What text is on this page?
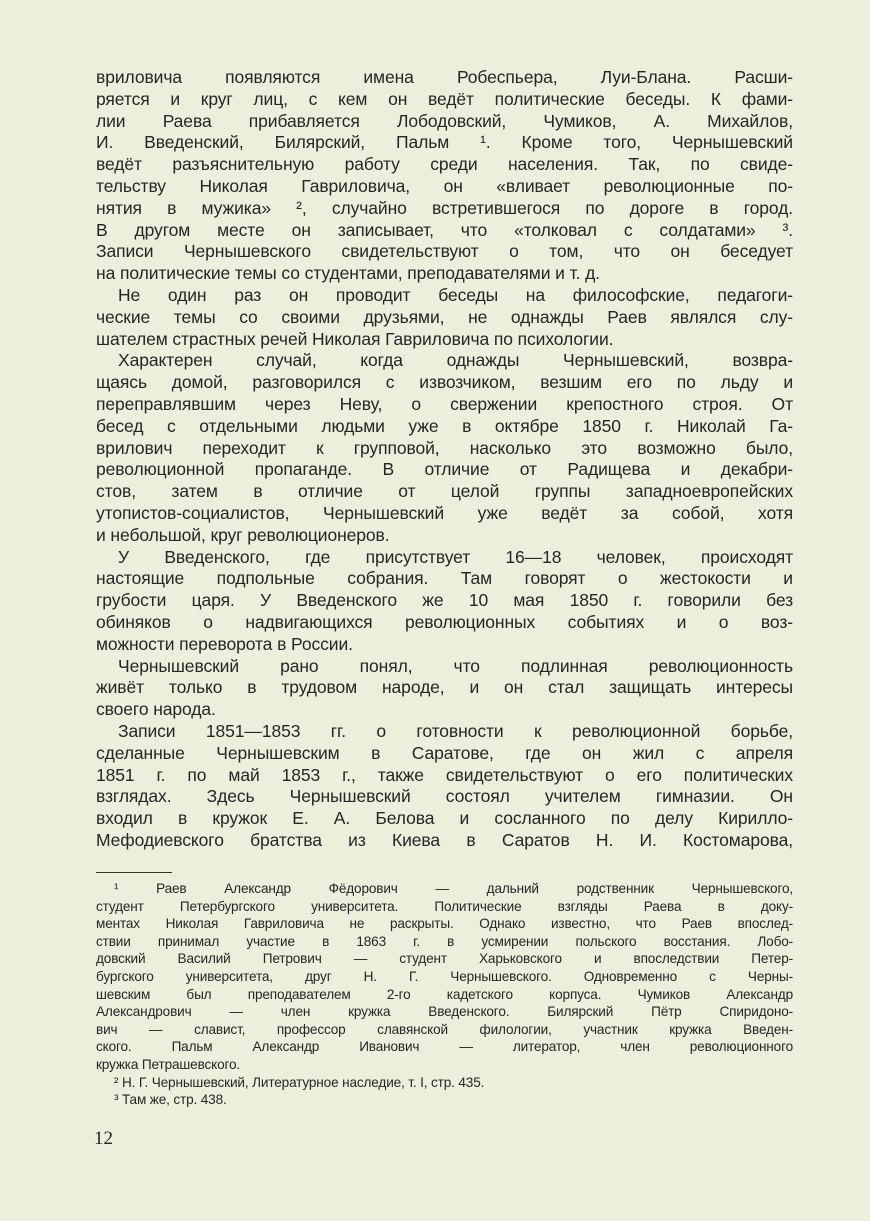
вриловича появляются имена Робеспьера, Луи-Блана. Расши-
ряется и круг лиц, с кем он ведёт политические беседы. К фами-
лии Раева прибавляется Лободовский, Чумиков, А. Михайлов,
И. Введенский, Билярский, Пальм ¹. Кроме того, Чернышевский
ведёт разъяснительную работу среди населения. Так, по свиде-
тельству Николая Гавриловича, он «вливает революционные по-
нятия в мужика» ², случайно встретившегося по дороге в город.
В другом месте он записывает, что «толковал с солдатами» ³.
Записи Чернышевского свидетельствуют о том, что он беседует
на политические темы со студентами, преподавателями и т. д.
Не один раз он проводит беседы на философские, педагоги-
ческие темы со своими друзьями, не однажды Раев являлся слу-
шателем страстных речей Николая Гавриловича по психологии.
Характерен случай, когда однажды Чернышевский, возвра-
щаясь домой, разговорился с извозчиком, везшим его по льду и
переправлявшим через Неву, о свержении крепостного строя. От
бесед с отдельными людьми уже в октябре 1850 г. Николай Га-
врилович переходит к групповой, насколько это возможно было,
революционной пропаганде. В отличие от Радищева и декабри-
стов, затем в отличие от целой группы западноевропейских
утопистов-социалистов, Чернышевский уже ведёт за собой, хотя
и небольшой, круг революционеров.
У Введенского, где присутствует 16—18 человек, происходят
настоящие подпольные собрания. Там говорят о жестокости и
грубости царя. У Введенского же 10 мая 1850 г. говорили без
обиняков о надвигающихся революционных событиях и о воз-
можности переворота в России.
Чернышевский рано понял, что подлинная революционность
живёт только в трудовом народе, и он стал защищать интересы
своего народа.
Записи 1851—1853 гг. о готовности к революционной борьбе,
сделанные Чернышевским в Саратове, где он жил с апреля
1851 г. по май 1853 г., также свидетельствуют о его политических
взглядах. Здесь Чернышевский состоял учителем гимназии. Он
входил в кружок Е. А. Белова и сосланного по делу Кирилло-
Мефодиевского братства из Киева в Саратов Н. И. Костомарова,
¹ Раев Александр Фёдорович — дальний родственник Чернышевского,
студент Петербургского университета. Политические взгляды Раева в доку-
ментах Николая Гавриловича не раскрыты. Однако известно, что Раев впослед-
ствии принимал участие в 1863 г. в усмирении польского восстания. Лобо-
довский Василий Петрович — студент Харьковского и впоследствии Петер-
бургского университета, друг Н. Г. Чернышевского. Одновременно с Черны-
шевским был преподавателем 2-го кадетского корпуса. Чумиков Александр
Александрович — член кружка Введенского. Билярский Пётр Спиридоно-
вич — славист, профессор славянской филологии, участник кружка Введен-
ского. Пальм Александр Иванович — литератор, член революционного
кружка Петрашевского.
² Н. Г. Чернышевский, Литературное наследие, т. I, стр. 435.
³ Там же, стр. 438.
12
